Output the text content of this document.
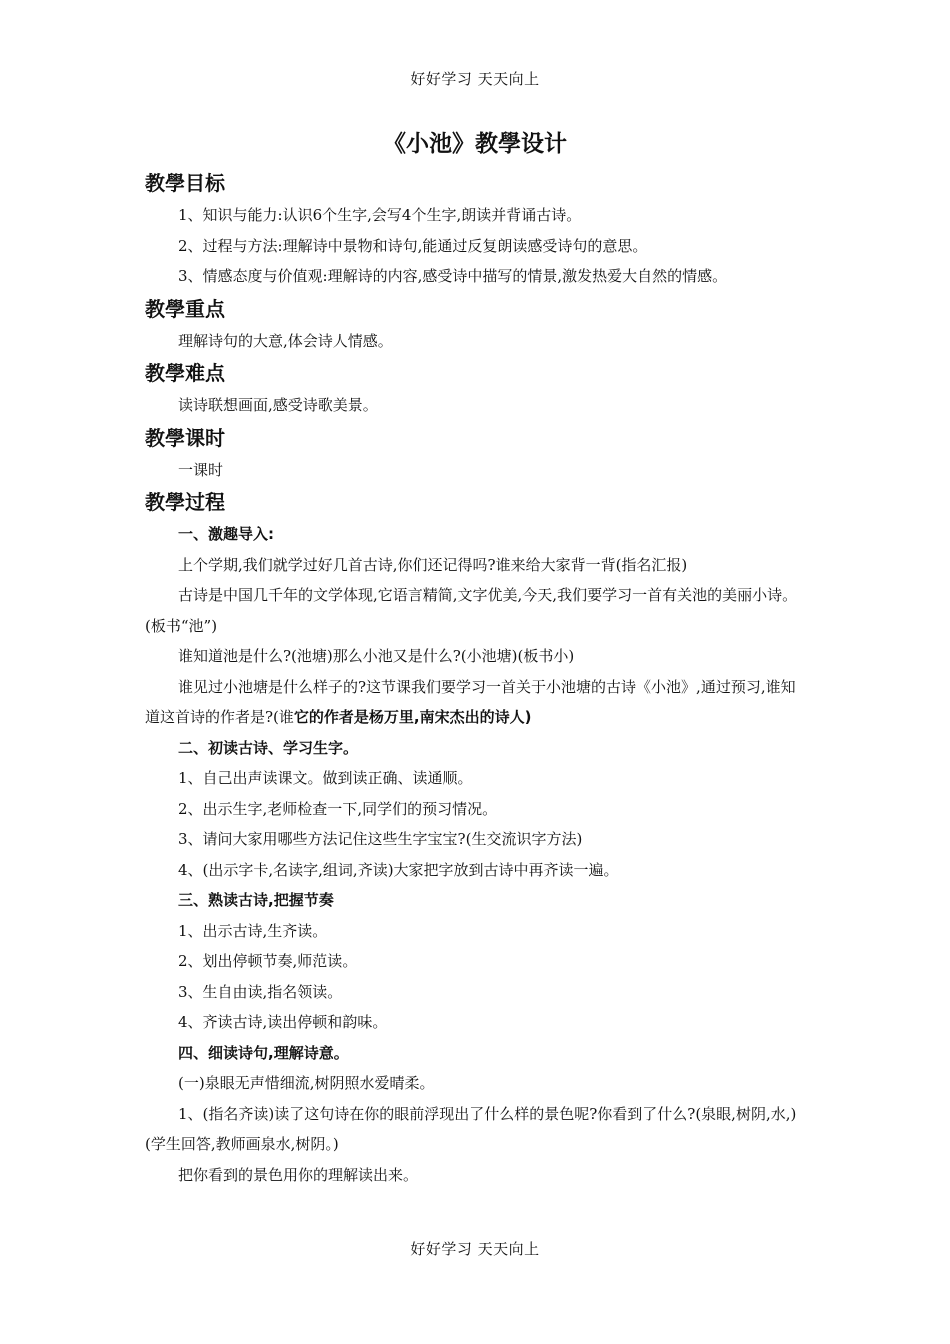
好好学习 天天向上
《小池》教學设计

教學目标

1、知识与能力:认识6个生字,会写4个生字,朗读并背诵古诗。

2、过程与方法:理解诗中景物和诗句,能通过反复朗读感受诗句的意思。

3、情感态度与价值观:理解诗的内容,感受诗中描写的情景,激发热爱大自然的情感。

教學重点

理解诗句的大意,体会诗人情感。

教學难点

读诗联想画面,感受诗歌美景。

教學课时

一课时

教學过程

一、激趣导入:

上个学期,我们就学过好几首古诗,你们还记得吗?谁来给大家背一背(指名汇报)

古诗是中国几千年的文学体现,它语言精简,文字优美,今天,我们要学习一首有关池的美丽小诗。(板书“池”)

谁知道池是什么?(池塘)那么小池又是什么?(小池塘)(板书小)

谁见过小池塘是什么样子的?这节课我们要学习一首关于小池塘的古诗《小池》,通过预习,谁知道这首诗的作者是?(谁它的作者是杨万里,南宋杰出的诗人)

二、初读古诗、学习生字。

1、自己出声读课文。做到读正确、读通顺。

2、出示生字,老师检查一下,同学们的预习情况。

3、请问大家用哪些方法记住这些生字宝宝?(生交流识字方法)

4、(出示字卡,名读字,组词,齐读)大家把字放到古诗中再齐读一遍。

三、熟读古诗,把握节奏

1、出示古诗,生齐读。

2、划出停顿节奏,师范读。

3、生自由读,指名领读。

4、齐读古诗,读出停顿和韵味。

四、细读诗句,理解诗意。

(一)泉眼无声惜细流,树阴照水爱晴柔。

1、(指名齐读)读了这句诗在你的眼前浮现出了什么样的景色呢?你看到了什么?(泉眼,树阴,水,)(学生回答,教师画泉水,树阴。)

把你看到的景色用你的理解读出来。

好好学习 天天向上
